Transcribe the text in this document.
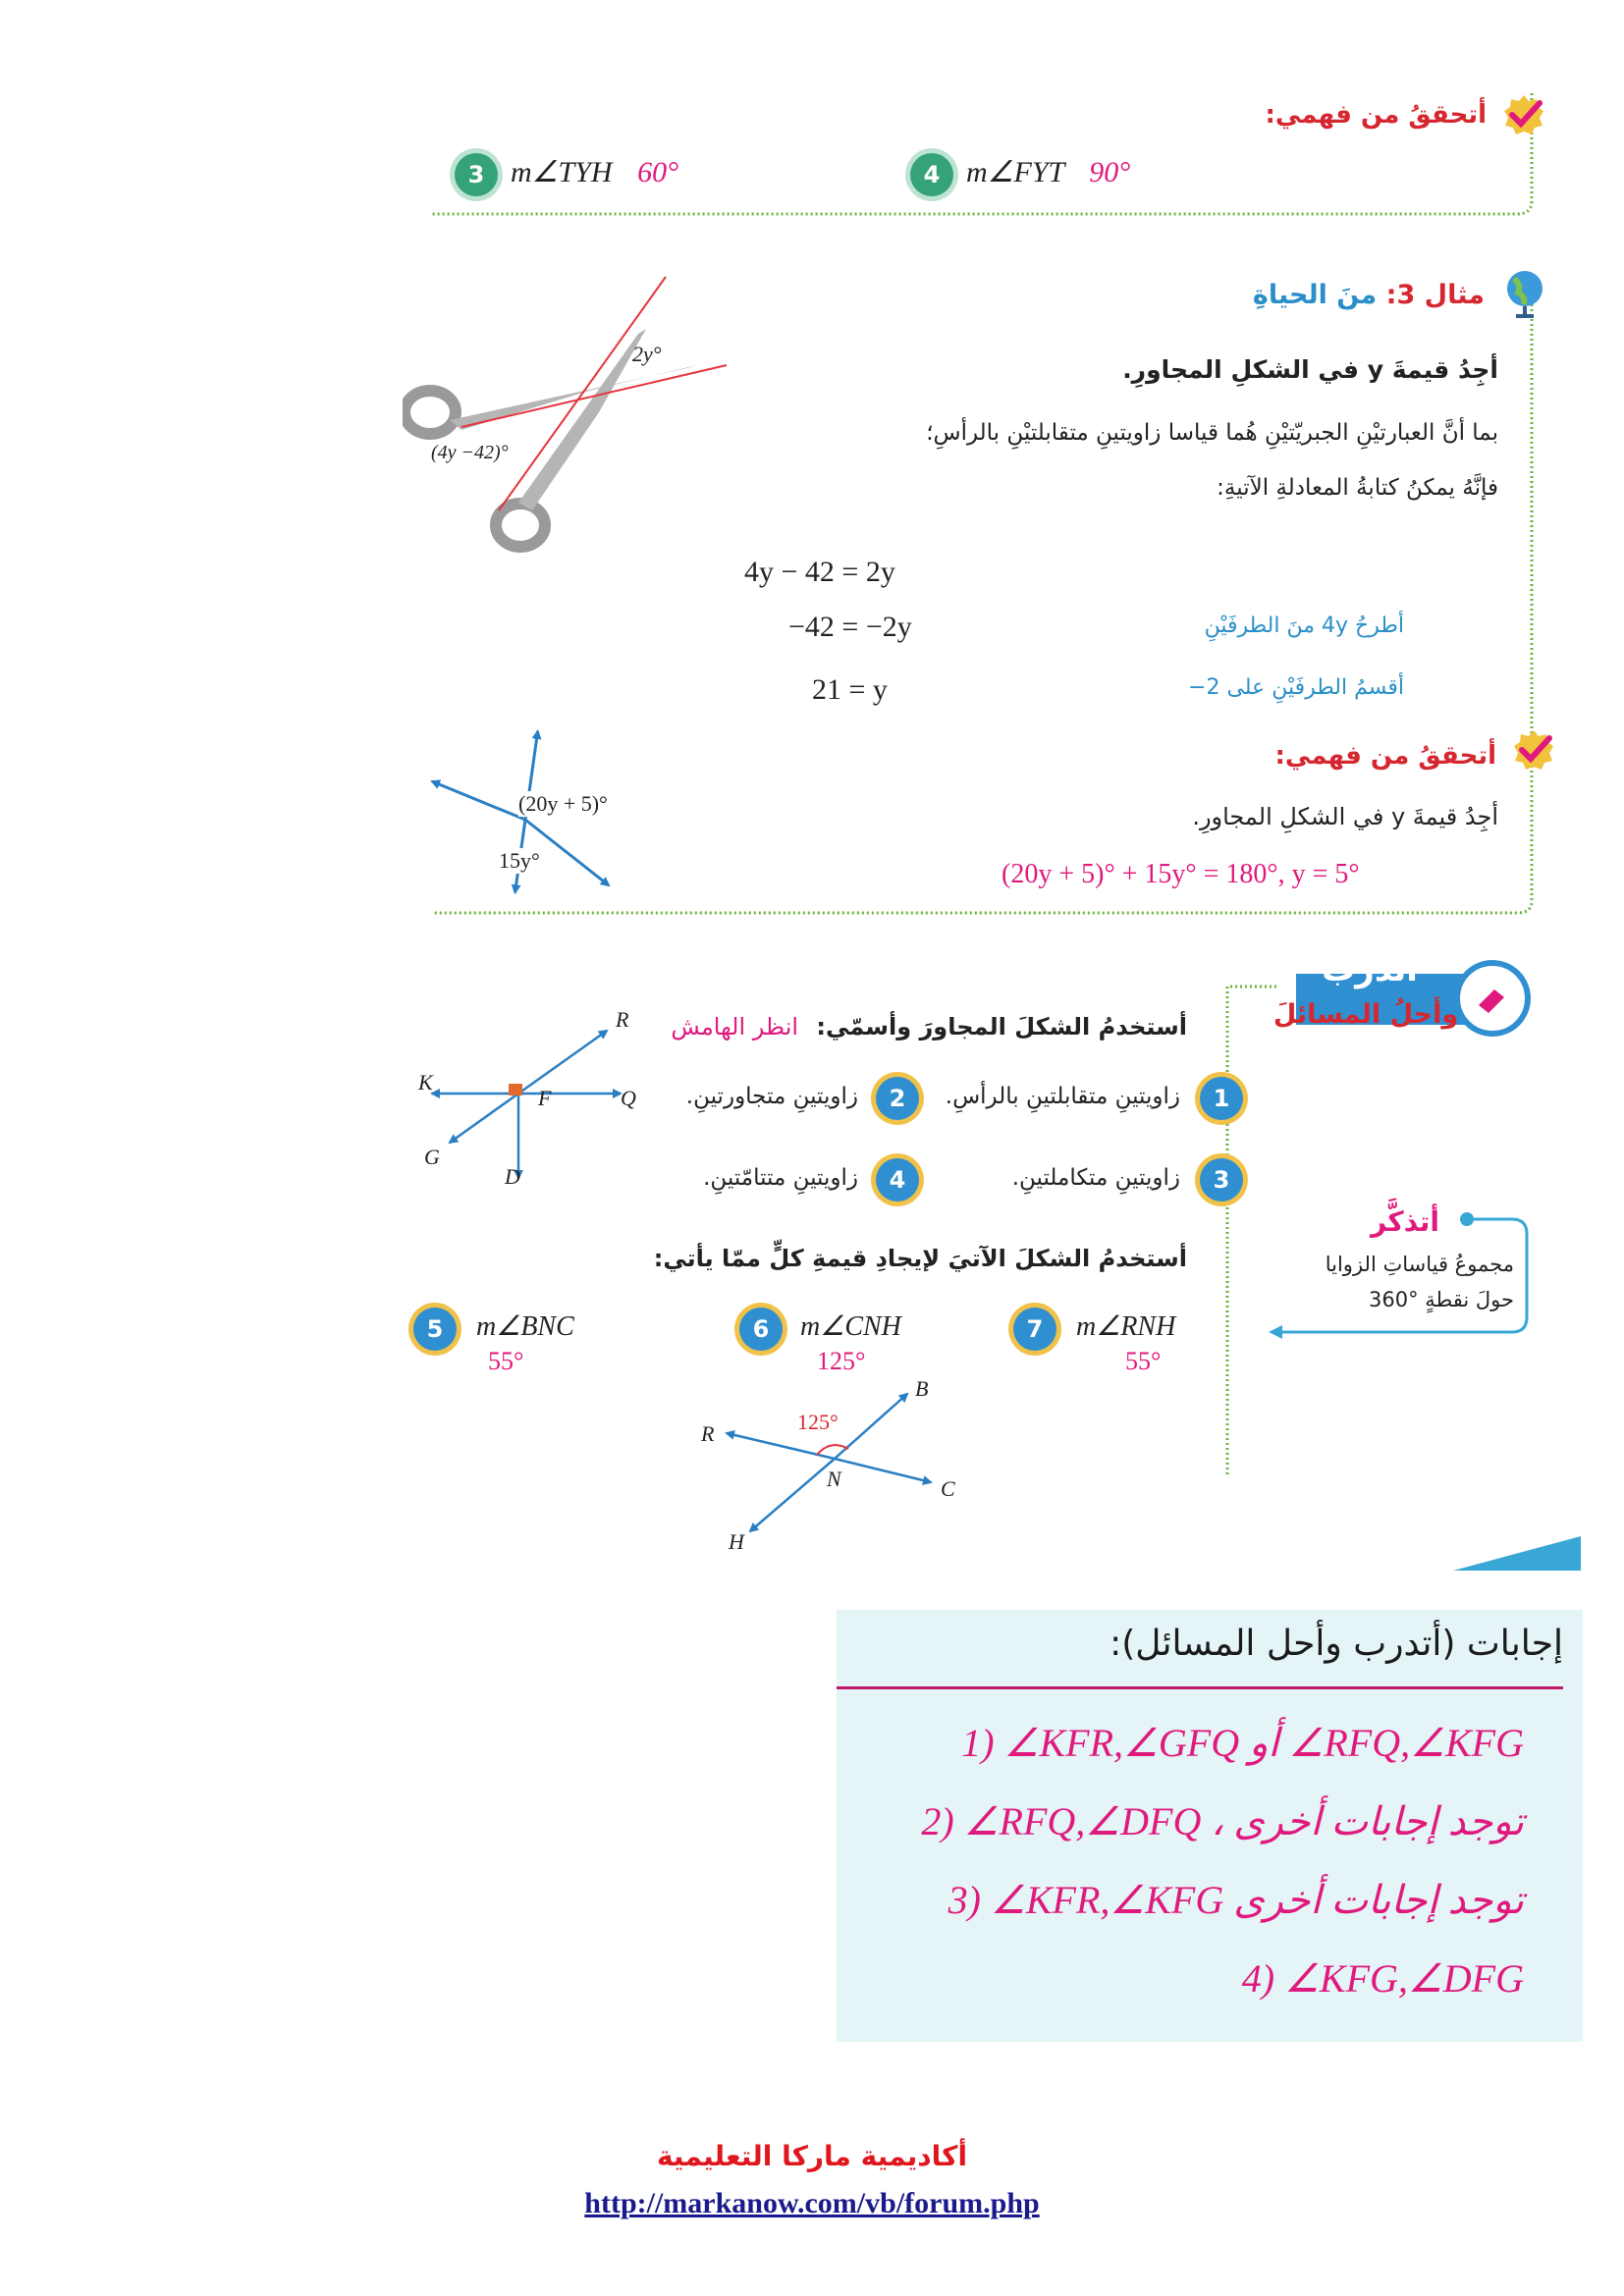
أتحققُ من فهمي:
3 m∠TYH 60°	4 m∠FYT 90°
مثال 3: منَ الحياةِ
أجِدُ قيمةَ y في الشكلِ المجاورِ.
بما أنَّ العبارتيْنِ الجبريّتيْنِ هُما قياسا زاويتينِ متقابلتيْنِ بالرأسِ؛
فإنَّهُ يمكنُ كتابةُ المعادلةِ الآتيةِ:
2y°
(4y −42)°
4y − 42 = 2y
−42 = −2y
21 = y
أطرحُ 4y منَ الطرفَيْنِ
أقسمُ الطرفَيْنِ على 2−
أتحققُ من فهمي:
أجِدُ قيمةَ y في الشكلِ المجاورِ.
(20y + 5)° + 15y° = 180°, y = 5°
(20y + 5)°
15y°
أتدربُ
وأحلُ المسائلَ
أستخدمُ الشكلَ المجاورَ وأسمّي: انظر الهامش
1
زاويتينِ متقابلتينِ بالرأسِ.
2
زاويتينِ متجاورتينِ.
3
زاويتينِ متكاملتينِ.
4
زاويتينِ متتامّتينِ.
أستخدمُ الشكلَ الآتيَ لإيجادِ قيمةِ كلٍّ ممّا يأتي:
5	m∠BNC
55°
6	m∠CNH
125°
7	m∠RNH
55°
R
K
F	Q
G
D
R
B
N	C
H
125°
أتذكَّر
مجموعُ قياساتِ الزوايا
حولَ نقطةٍ °360
إجابات (أتدرب وأحل المسائل):
1) ∠KFR,∠GFQ أو ∠RFQ,∠KFG
2) ∠RFQ,∠DFQ ، توجد إجابات أخرى
3) ∠KFR,∠KFG توجد إجابات أخرى
4) ∠KFG,∠DFG
أكاديمية ماركا التعليمية
http://markanow.com/vb/forum.php
